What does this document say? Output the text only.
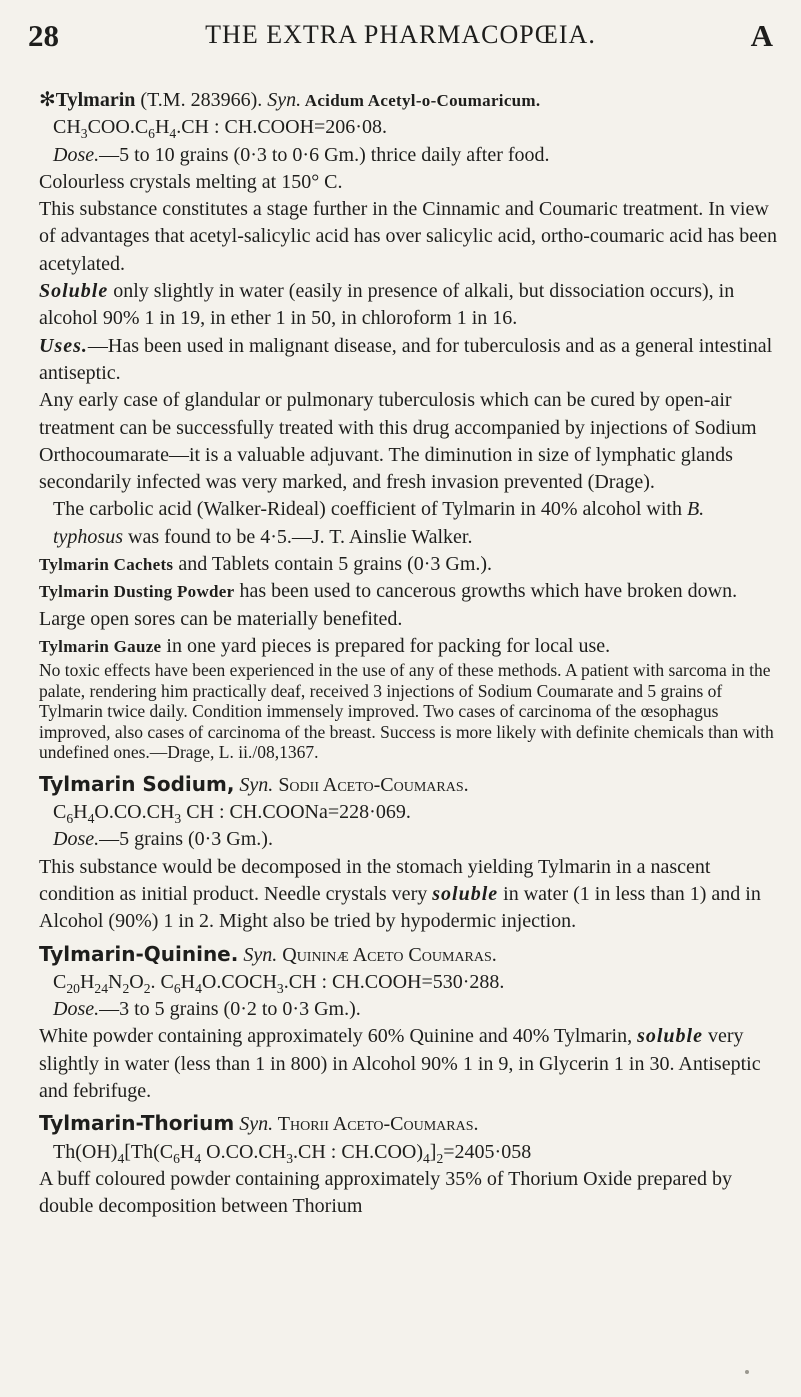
28	THE EXTRA PHARMACOPŒIA.	A

✻Tylmarin (T.M. 283966). Syn. Acidum Acetyl-o-Coumaricum.

$CH_3COO.C_6H_4.CH$ : CH.COOH=206·08.

Dose.—5 to 10 grains (0·3 to 0·6 Gm.) thrice daily after food.

Colourless crystals melting at 150° C.

This substance constitutes a stage further in the Cinnamic and Coumaric treatment. In view of advantages that acetyl-salicylic acid has over salicylic acid, ortho-coumaric acid has been acetylated.

Soluble only slightly in water (easily in presence of alkali, but dissociation occurs), in alcohol 90% 1 in 19, in ether 1 in 50, in chloroform 1 in 16.

Uses.—Has been used in malignant disease, and for tuberculosis and as a general intestinal antiseptic.

Any early case of glandular or pulmonary tuberculosis which can be cured by open-air treatment can be successfully treated with this drug accompanied by injections of Sodium Orthocoumarate—it is a valuable adjuvant. The diminution in size of lymphatic glands secondarily infected was very marked, and fresh invasion prevented (Drage).

The carbolic acid (Walker-Rideal) coefficient of Tylmarin in 40% alcohol with B. typhosus was found to be 4·5.—J. T. Ainslie Walker.

Tylmarin Cachets and Tablets contain 5 grains (0·3 Gm.).

Tylmarin Dusting Powder has been used to cancerous growths which have broken down. Large open sores can be materially benefited.

Tylmarin Gauze in one yard pieces is prepared for packing for local use.

No toxic effects have been experienced in the use of any of these methods. A patient with sarcoma in the palate, rendering him practically deaf, received 3 injections of Sodium Coumarate and 5 grains of Tylmarin twice daily. Condition immensely improved. Two cases of carcinoma of the œsophagus improved, also cases of carcinoma of the breast. Success is more likely with definite chemicals than with undefined ones.—Drage, L. ii./08,1367.

Tylmarin Sodium, Syn. Sodii Aceto-Coumaras.

$C_6H_4O.CO.CH_3$ CH : CH.COONa=228·069.

Dose.—5 grains (0·3 Gm.).

This substance would be decomposed in the stomach yielding Tylmarin in a nascent condition as initial product. Needle crystals very soluble in water (1 in less than 1) and in Alcohol (90%) 1 in 2. Might also be tried by hypodermic injection.

Tylmarin-Quinine. Syn. Quininæ Aceto Coumaras.

$C_{20}H_{24}N_2O_2$. $C_6H_4O.COCH_3.CH$ : CH.COOH=530·288.

Dose.—3 to 5 grains (0·2 to 0·3 Gm.).

White powder containing approximately 60% Quinine and 40% Tylmarin, soluble very slightly in water (less than 1 in 800) in Alcohol 90% 1 in 9, in Glycerin 1 in 30. Antiseptic and febrifuge.

Tylmarin-Thorium Syn. Thorii Aceto-Coumaras.

$Th(OH)_4[Th(C_6H_4$ $O.CO.CH_3.CH$ : $CH.COO)_4]_2=2405\cdot 058$

A buff coloured powder containing approximately 35% of Thorium Oxide prepared by double decomposition between Thorium
